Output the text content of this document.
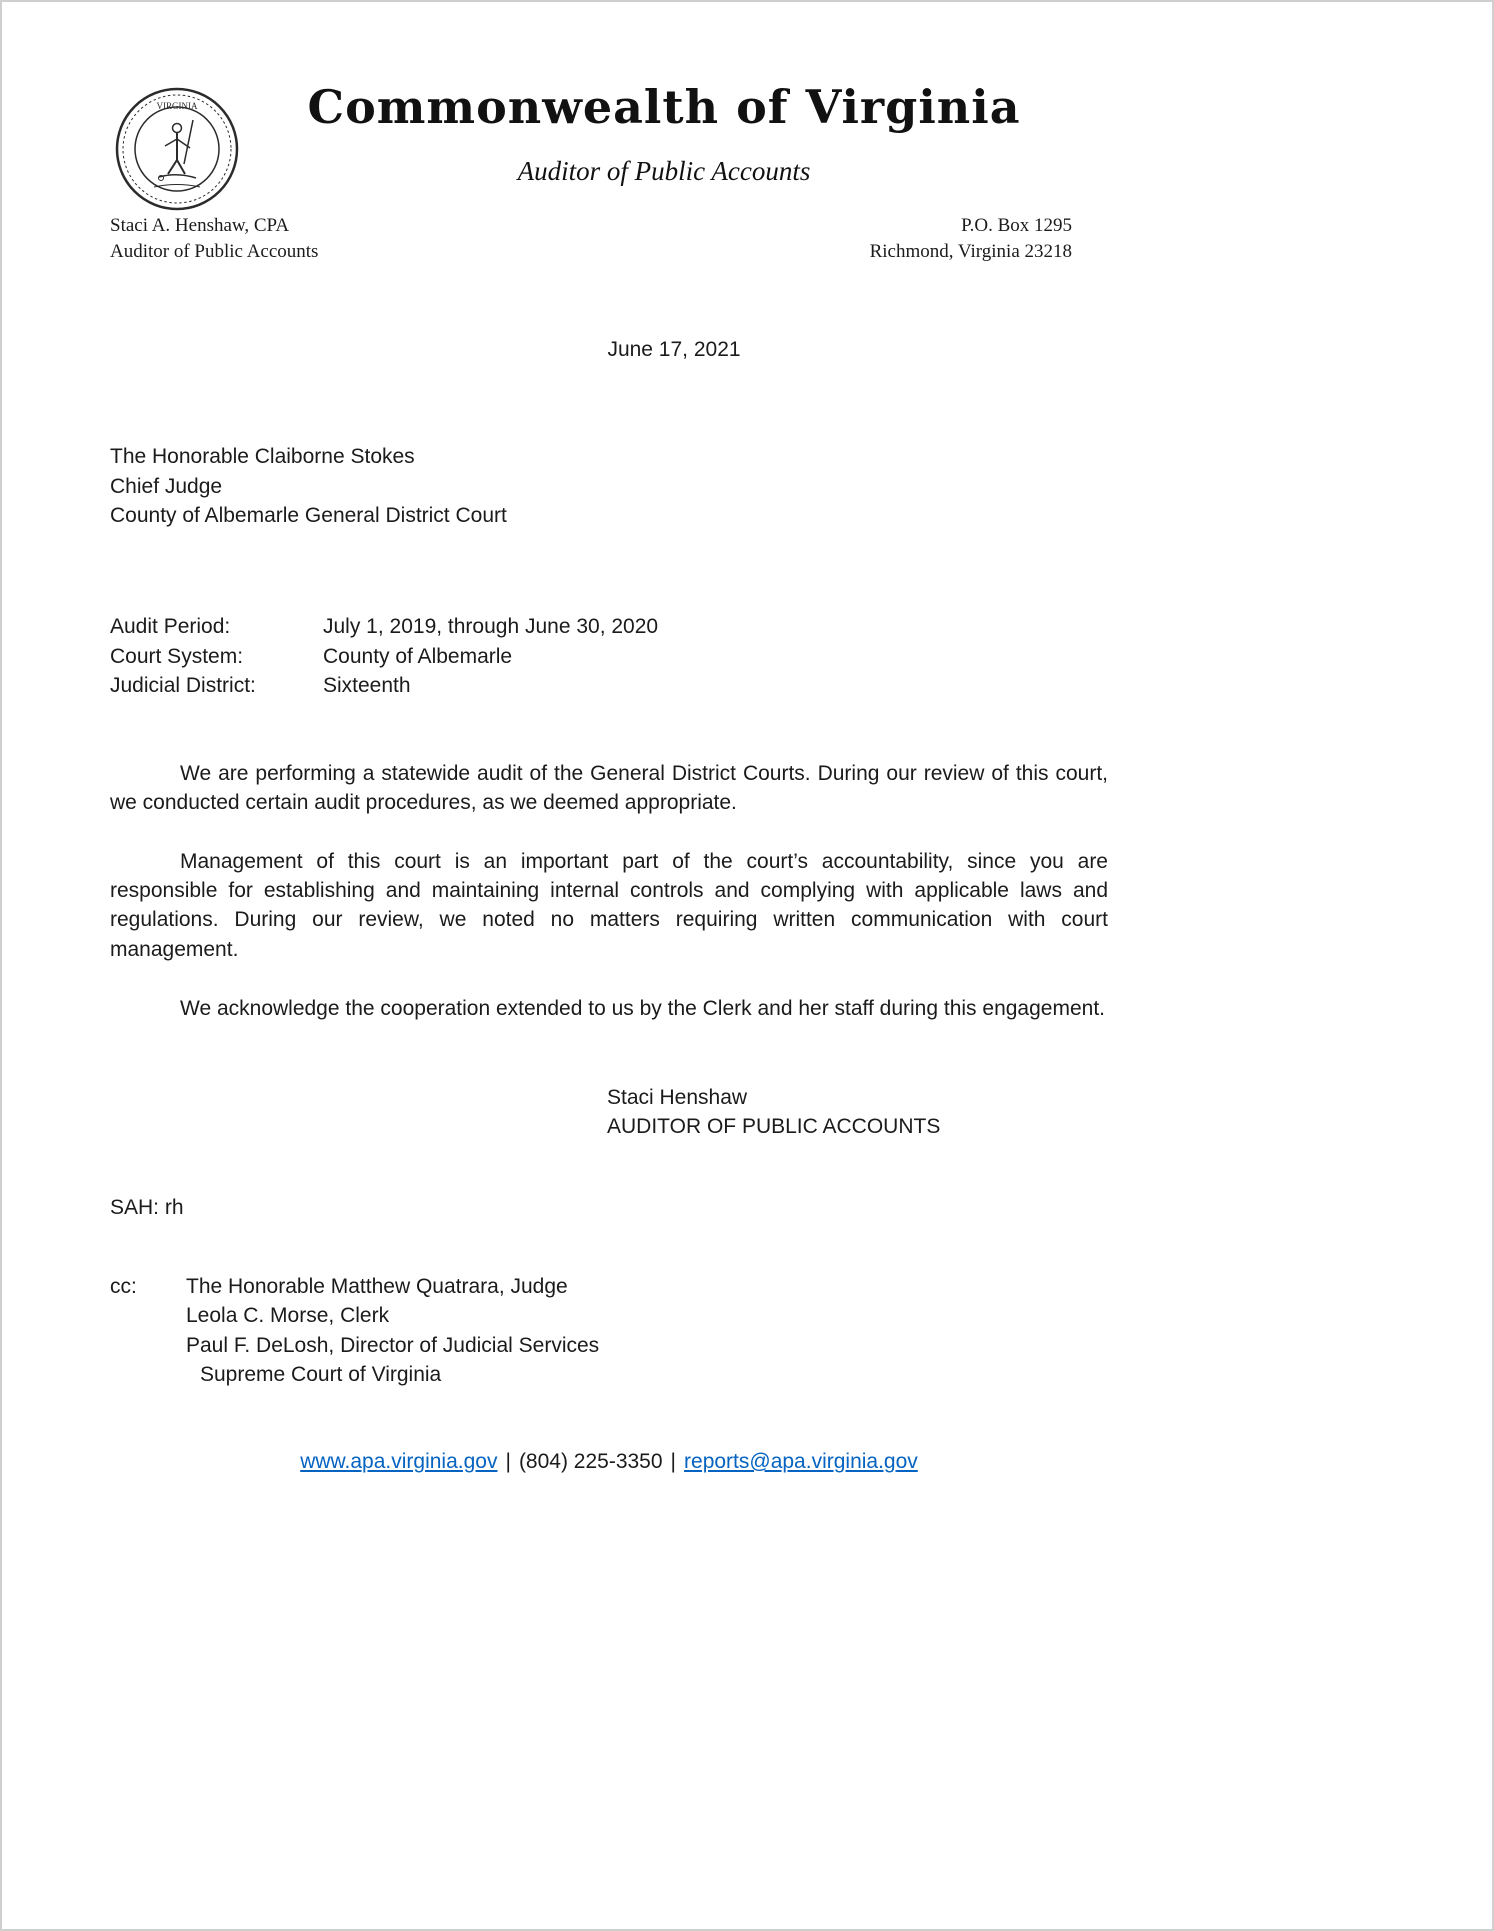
VIRGINIA	Commonwealth of Virginia
Auditor of Public Accounts
Staci A. Henshaw, CPA
Auditor of Public Accounts
P.O. Box 1295
Richmond, Virginia 23218
June 17, 2021
The Honorable Claiborne Stokes
Chief Judge
County of Albemarle General District Court
Audit Period:	July 1, 2019, through June 30, 2020
Court System:	County of Albemarle
Judicial District:	Sixteenth

We are performing a statewide audit of the General District Courts. During our review of this court, we conducted certain audit procedures, as we deemed appropriate.

Management of this court is an important part of the court’s accountability, since you are responsible for establishing and maintaining internal controls and complying with applicable laws and regulations. During our review, we noted no matters requiring written communication with court management.

We acknowledge the cooperation extended to us by the Clerk and her staff during this engagement.

Staci Henshaw
AUDITOR OF PUBLIC ACCOUNTS
SAH: rh
cc:	The Honorable Matthew Quatrara, Judge
Leola C. Morse, Clerk
Paul F. DeLosh, Director of Judicial Services
Supreme Court of Virginia
www.apa.virginia.gov | (804) 225-3350 | reports@apa.virginia.gov
